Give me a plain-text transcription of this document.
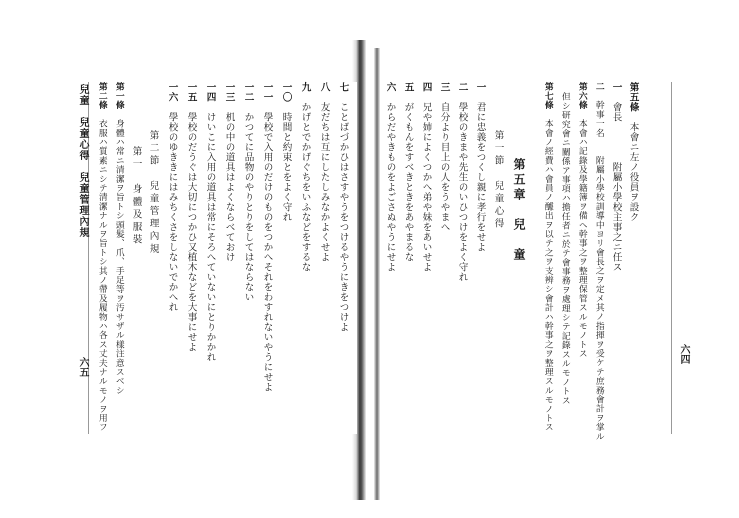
七　ことばづかひはさすやうをつけるやうにきをつけよ
八　友だちは互にしたしみなかよくせよ
九　かげとでかげぐちをいふなどをするな
一〇　時間と約束とをよく守れ
一一　學校で入用のだけのものをつかへそれをわすれないやうにせよ
一二　かつてに品物のやりとりをしてはならない
一三　机の中の道具はよくならべておけ
一四　けいこに入用の道具は常にそろへていないにとりかかれ
一五　學校のだうぐは大切につかひ又植木などを大事にせよ
一六　學校のゆききにはみちくさをしないでかへれ
第二節　兒童管理內規
第一　身體及服裝
第一條　身體ハ常ニ清潔ヲ旨トシ頭髮、爪、手足等ヲ汚サザル樣注意スベシ
第二條　衣服ハ質素ニシテ清潔ナルヲ旨トシ其ノ帶及履物ハ各ス丈夫ナルモノヲ用フ
兒童　兒童心得　兒童管理內規
六五
第五條　本會ニ左ノ役員ヲ設ク
一　會長　　　　附屬小學校主事之ニ任ス
二　幹事一名　　附屬小學校訓導中ヨリ會長之ヲ定メ其ノ指揮ヲ受ケテ庶務會計ヲ掌ル
第六條　本會ハ記錄及學籍簿ヲ備ヘ幹事之ヲ整理保管スルモノトス
但シ研究會ニ關係ア事項ハ擔任者ニ於テ會事務ヲ處理シテ記錄スルモノトス
第七條　本會ノ經費ハ會員ノ醵出ヲ以テ之ヲ支辨シ會計ハ幹事之ヲ整理スルモノトス
第五章　兒　童
第一節　兒童心得
一　君に忠義をつくし親に孝行をせよ
二　學校のきまや先生のいひつけをよく守れ
三　自分より目上の人をうやまへ
四　兄や姉によくつかへ弟や妹をあいせよ
五　がくもんをすべきときをあやまるな
六　からだやきものをよごさぬやうにせよ
六四
